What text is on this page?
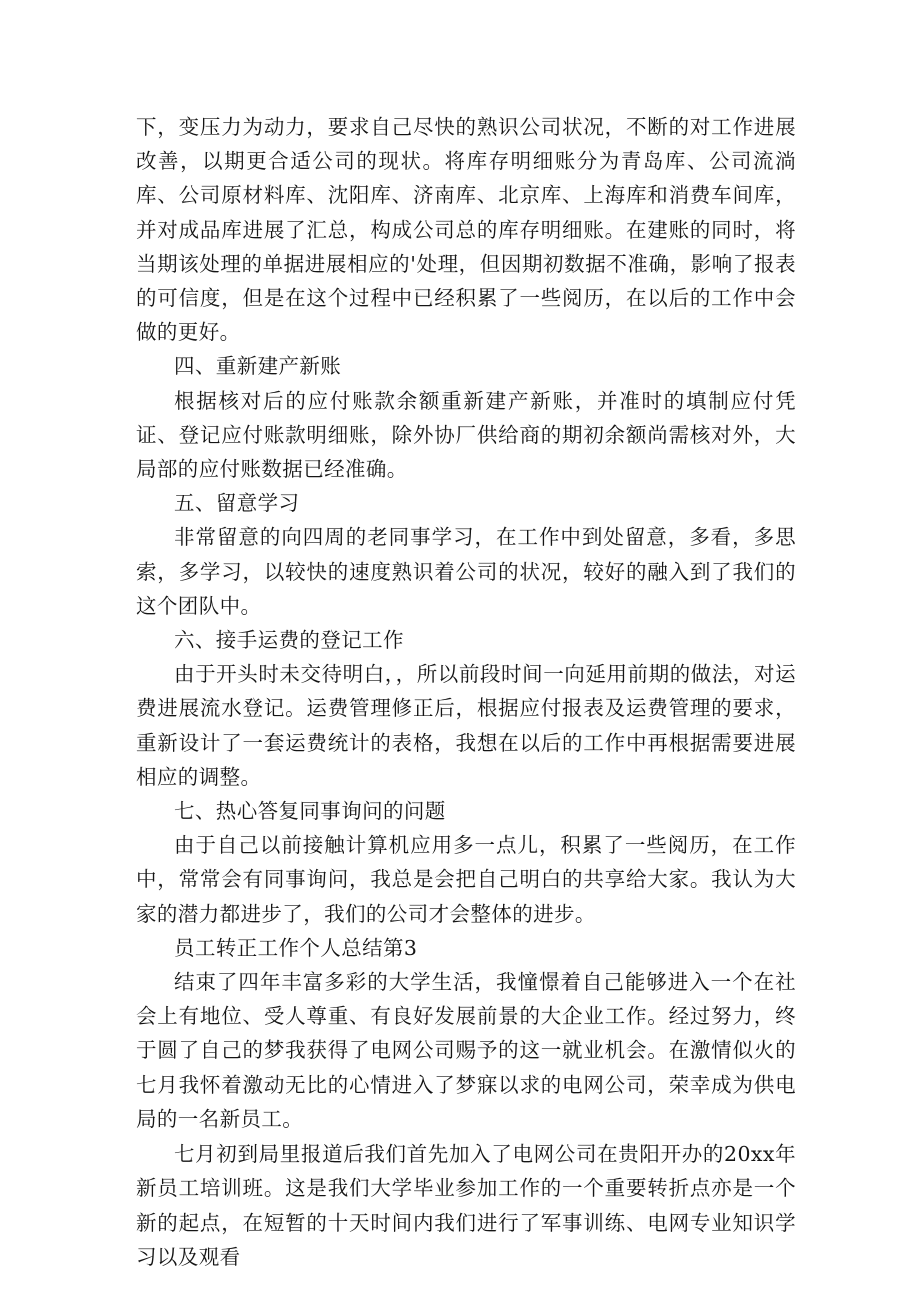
下，变压力为动力，要求自己尽快的熟识公司状况，不断的对工作进展改善，以期更合适公司的现状。将库存明细账分为青岛库、公司流淌库、公司原材料库、沈阳库、济南库、北京库、上海库和消费车间库，并对成品库进展了汇总，构成公司总的库存明细账。在建账的同时，将当期该处理的单据进展相应的'处理，但因期初数据不准确，影响了报表的可信度，但是在这个过程中已经积累了一些阅历，在以后的工作中会做的更好。

四、重新建产新账

根据核对后的应付账款余额重新建产新账，并准时的填制应付凭证、登记应付账款明细账，除外协厂供给商的期初余额尚需核对外，大局部的应付账数据已经准确。

五、留意学习

非常留意的向四周的老同事学习，在工作中到处留意，多看，多思索，多学习，以较快的速度熟识着公司的状况，较好的融入到了我们的这个团队中。

六、接手运费的登记工作

由于开头时未交待明白，，所以前段时间一向延用前期的做法，对运费进展流水登记。运费管理修正后，根据应付报表及运费管理的要求，重新设计了一套运费统计的表格，我想在以后的工作中再根据需要进展相应的调整。

七、热心答复同事询问的问题

由于自己以前接触计算机应用多一点儿，积累了一些阅历，在工作中，常常会有同事询问，我总是会把自己明白的共享给大家。我认为大家的潜力都进步了，我们的公司才会整体的进步。

员工转正工作个人总结第3

结束了四年丰富多彩的大学生活，我憧憬着自己能够进入一个在社会上有地位、受人尊重、有良好发展前景的大企业工作。经过努力，终于圆了自己的梦我获得了电网公司赐予的这一就业机会。在激情似火的七月我怀着激动无比的心情进入了梦寐以求的电网公司，荣幸成为供电局的一名新员工。

七月初到局里报道后我们首先加入了电网公司在贵阳开办的20xx年新员工培训班。这是我们大学毕业参加工作的一个重要转折点亦是一个新的起点，在短暂的十天时间内我们进行了军事训练、电网专业知识学习以及观看
